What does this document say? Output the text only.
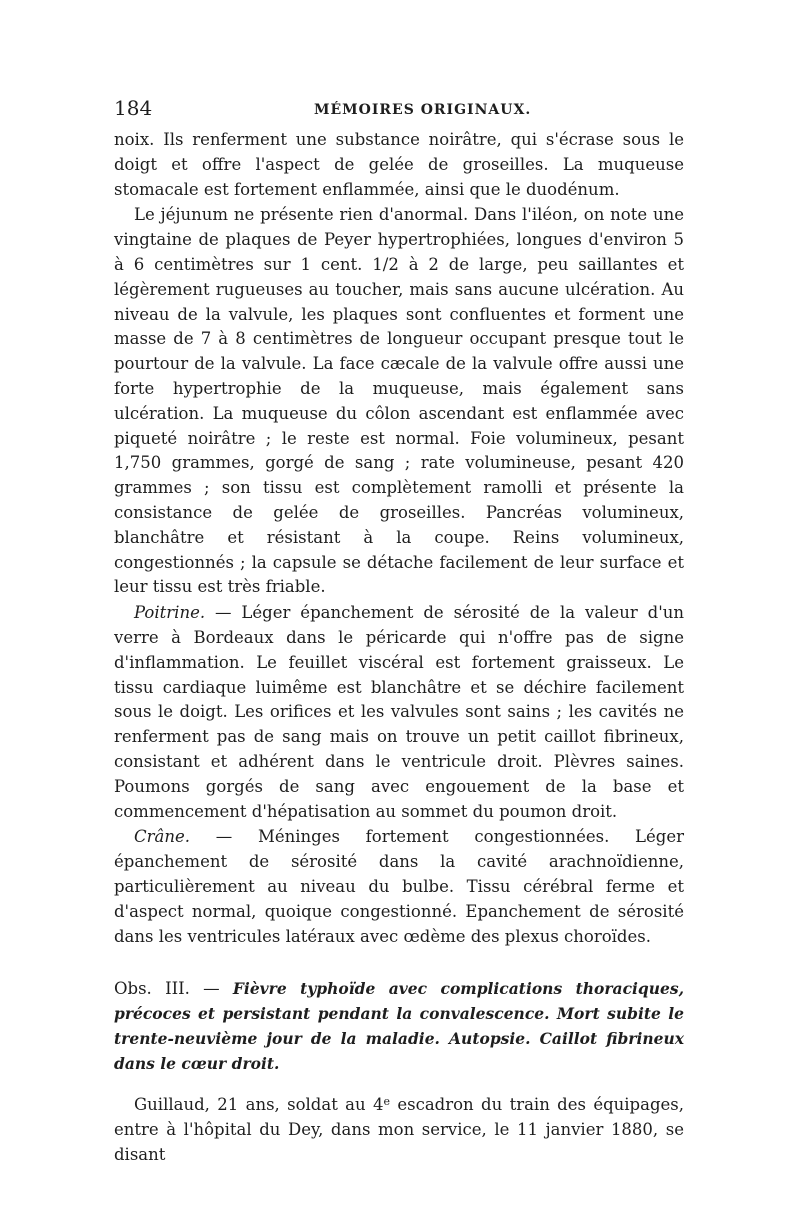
184	MÉMOIRES ORIGINAUX.

noix. Ils renferment une substance noirâtre, qui s'écrase sous le doigt et offre l'aspect de gelée de groseilles. La muqueuse stomacale est fortement enflammée, ainsi que le duodénum.

Le jéjunum ne présente rien d'anormal. Dans l'iléon, on note une vingtaine de plaques de Peyer hypertrophiées, longues d'environ 5 à 6 centimètres sur 1 cent. 1/2 à 2 de large, peu saillantes et légèrement rugueuses au toucher, mais sans aucune ulcération. Au niveau de la valvule, les plaques sont confluentes et forment une masse de 7 à 8 centimètres de longueur occupant presque tout le pourtour de la valvule. La face cæcale de la valvule offre aussi une forte hypertrophie de la muqueuse, mais également sans ulcération. La muqueuse du côlon ascendant est enflammée avec piqueté noirâtre ; le reste est normal. Foie volumineux, pesant 1,750 grammes, gorgé de sang ; rate volumineuse, pesant 420 grammes ; son tissu est complètement ramolli et présente la consistance de gelée de groseilles. Pancréas volumineux, blanchâtre et résistant à la coupe. Reins volumineux, congestionnés ; la capsule se détache facilement de leur surface et leur tissu est très friable.

Poitrine. — Léger épanchement de sérosité de la valeur d'un verre à Bordeaux dans le péricarde qui n'offre pas de signe d'inflammation. Le feuillet viscéral est fortement graisseux. Le tissu cardiaque luimême est blanchâtre et se déchire facilement sous le doigt. Les orifices et les valvules sont sains ; les cavités ne renferment pas de sang mais on trouve un petit caillot fibrineux, consistant et adhérent dans le ventricule droit. Plèvres saines. Poumons gorgés de sang avec engouement de la base et commencement d'hépatisation au sommet du poumon droit.

Crâne. — Méninges fortement congestionnées. Léger épanchement de sérosité dans la cavité arachnoïdienne, particulièrement au niveau du bulbe. Tissu cérébral ferme et d'aspect normal, quoique congestionné. Epanchement de sérosité dans les ventricules latéraux avec œdème des plexus choroïdes.

Obs. III. — Fièvre typhoïde avec complications thoraciques, précoces et persistant pendant la convalescence. Mort subite le trente-neuvième jour de la maladie. Autopsie. Caillot fibrineux dans le cœur droit.

Guillaud, 21 ans, soldat au 4e escadron du train des équipages, entre à l'hôpital du Dey, dans mon service, le 11 janvier 1880, se disant
